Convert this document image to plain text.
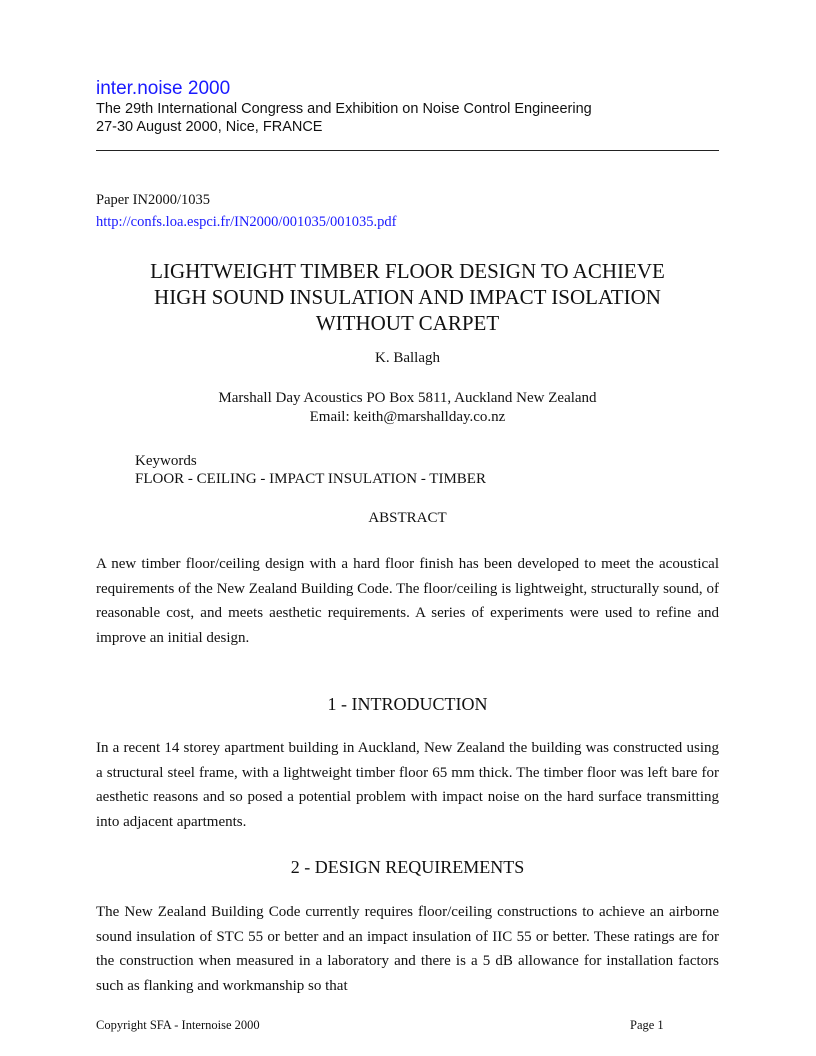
inter.noise 2000
The 29th International Congress and Exhibition on Noise Control Engineering
27-30 August 2000, Nice, FRANCE
Paper IN2000/1035
http://confs.loa.espci.fr/IN2000/001035/001035.pdf
LIGHTWEIGHT TIMBER FLOOR DESIGN TO ACHIEVE
HIGH SOUND INSULATION AND IMPACT ISOLATION
WITHOUT CARPET
K. Ballagh
Marshall Day Acoustics PO Box 5811, Auckland New Zealand
Email: keith@marshallday.co.nz
Keywords
FLOOR - CEILING - IMPACT INSULATION - TIMBER
ABSTRACT
A new timber floor/ceiling design with a hard floor finish has been developed to meet the acoustical requirements of the New Zealand Building Code. The floor/ceiling is lightweight, structurally sound, of reasonable cost, and meets aesthetic requirements. A series of experiments were used to refine and improve an initial design.
1 - INTRODUCTION
In a recent 14 storey apartment building in Auckland, New Zealand the building was constructed using a structural steel frame, with a lightweight timber floor 65 mm thick. The timber floor was left bare for aesthetic reasons and so posed a potential problem with impact noise on the hard surface transmitting into adjacent apartments.
2 - DESIGN REQUIREMENTS
The New Zealand Building Code currently requires floor/ceiling constructions to achieve an airborne sound insulation of STC 55 or better and an impact insulation of IIC 55 or better. These ratings are for the construction when measured in a laboratory and there is a 5 dB allowance for installation factors such as flanking and workmanship so that
Copyright SFA - Internoise 2000	Page 1
